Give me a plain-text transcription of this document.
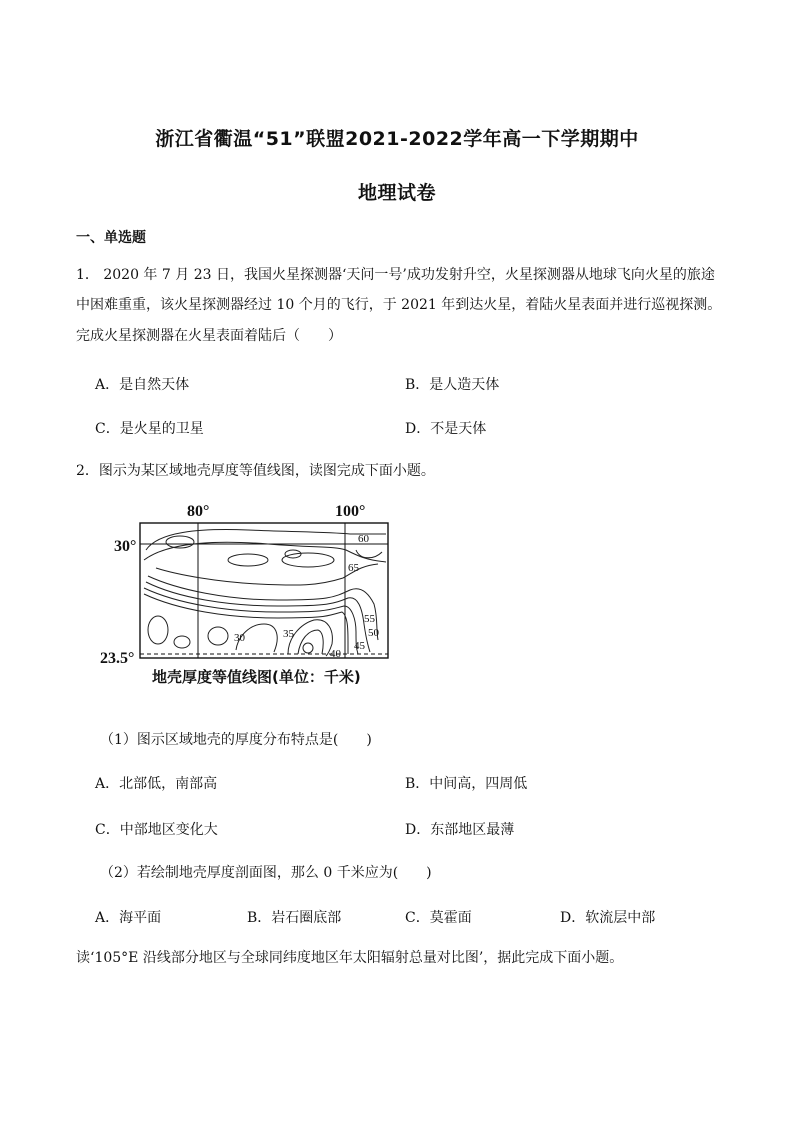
浙江省衢温“51”联盟2021-2022学年高一下学期期中
地理试卷
一、单选题
1． 2020 年 7 月 23 日，我国火星探测器‘天问一号’成功发射升空，火星探测器从地球飞向火星的旅途
中困难重重，该火星探测器经过 10 个月的飞行，于 2021 年到达火星，着陆火星表面并进行巡视探测。
完成火星探测器在火星表面着陆后（　　）
A．是自然天体	B．是人造天体
C．是火星的卫星	D．不是天体
2．图示为某区域地壳厚度等值线图，读图完成下面小题。
80°	100°
30°
23.5°
60
65
55
50
45
40
30	35
地壳厚度等值线图(单位：千米)
（1）图示区域地壳的厚度分布特点是(　　)
A．北部低，南部高	B．中间高，四周低
C．中部地区变化大	D．东部地区最薄
（2）若绘制地壳厚度剖面图，那么 0 千米应为(　　)
A．海平面	B．岩石圈底部	C．莫霍面	D．软流层中部
读‘105°E 沿线部分地区与全球同纬度地区年太阳辐射总量对比图’，据此完成下面小题。
